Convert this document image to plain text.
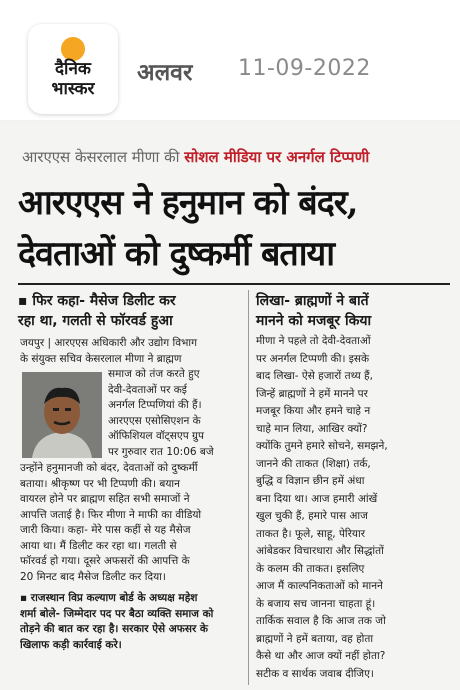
दैनिक
भास्कर
अलवर 11-09-2022
आरएएस केसरलाल मीणा की सोशल मीडिया पर अनर्गल टिप्पणी
आरएएस ने हनुमान को बंदर,
देवताओं को दुष्कर्मी बताया
▪ फिर कहा- मैसेज डिलीट कर
रहा था, गलती से फॉरवर्ड हुआ
लिखा- ब्राह्मणों ने बातें
मानने को मजबूर किया
जयपुर | आरएएस अधिकारी और उद्योग विभाग
के संयुक्त सचिव केसरलाल मीणा ने ब्राह्मण
समाज को तंज करते हुए
देवी-देवताओं पर कई
अनर्गल टिप्पणियां की हैं।
आरएएस एसोसिएशन के
ऑफिशियल वॉट्सएप ग्रुप
पर गुरुवार रात 10:06 बजे
उन्होंने हनुमानजी को बंदर, देवताओं को दुष्कर्मी
बताया। श्रीकृष्ण पर भी टिप्पणी की। बयान
वायरल होने पर ब्राह्मण सहित सभी समाजों ने
आपत्ति जताई है। फिर मीणा ने माफी का वीडियो
जारी किया। कहा- मेरे पास कहीं से यह मैसेज
आया था। मैं डिलीट कर रहा था। गलती से
फॉरवर्ड हो गया। दूसरे अफसरों की आपत्ति के
20 मिनट बाद मैसेज डिलीट कर दिया।
▪ राजस्थान विप्र कल्याण बोर्ड के अध्यक्ष महेश
शर्मा बोले- जिम्मेदार पद पर बैठा व्यक्ति समाज को
तोड़ने की बात कर रहा है। सरकार ऐसे अफसर के
खिलाफ कड़ी कार्रवाई करे।
मीणा ने पहले तो देवी-देवताओं
पर अनर्गल टिप्पणी की। इसके
बाद लिखा- ऐसे हजारों तथ्य हैं,
जिन्हें ब्राह्मणों ने हमें मानने पर
मजबूर किया और हमने चाहे न
चाहे मान लिया, आखिर क्यों?
क्योंकि तुमने हमारे सोचने, समझने,
जानने की ताकत (शिक्षा) तर्क,
बुद्धि व विज्ञान छीन हमें अंधा
बना दिया था। आज हमारी आंखें
खुल चुकी हैं, हमारे पास आज
ताकत है। फूले, साहू, पेरियार
आंबेडकर विचारधारा और सिद्धांतों
के कलम की ताकत। इसलिए
आज मैं काल्पनिकताओं को मानने
के बजाय सच जानना चाहता हूं।
तार्किक सवाल है कि आज तक जो
ब्राह्मणों ने हमें बताया, वह होता
कैसे था और आज क्यों नहीं होता?
सटीक व सार्थक जवाब दीजिए।
